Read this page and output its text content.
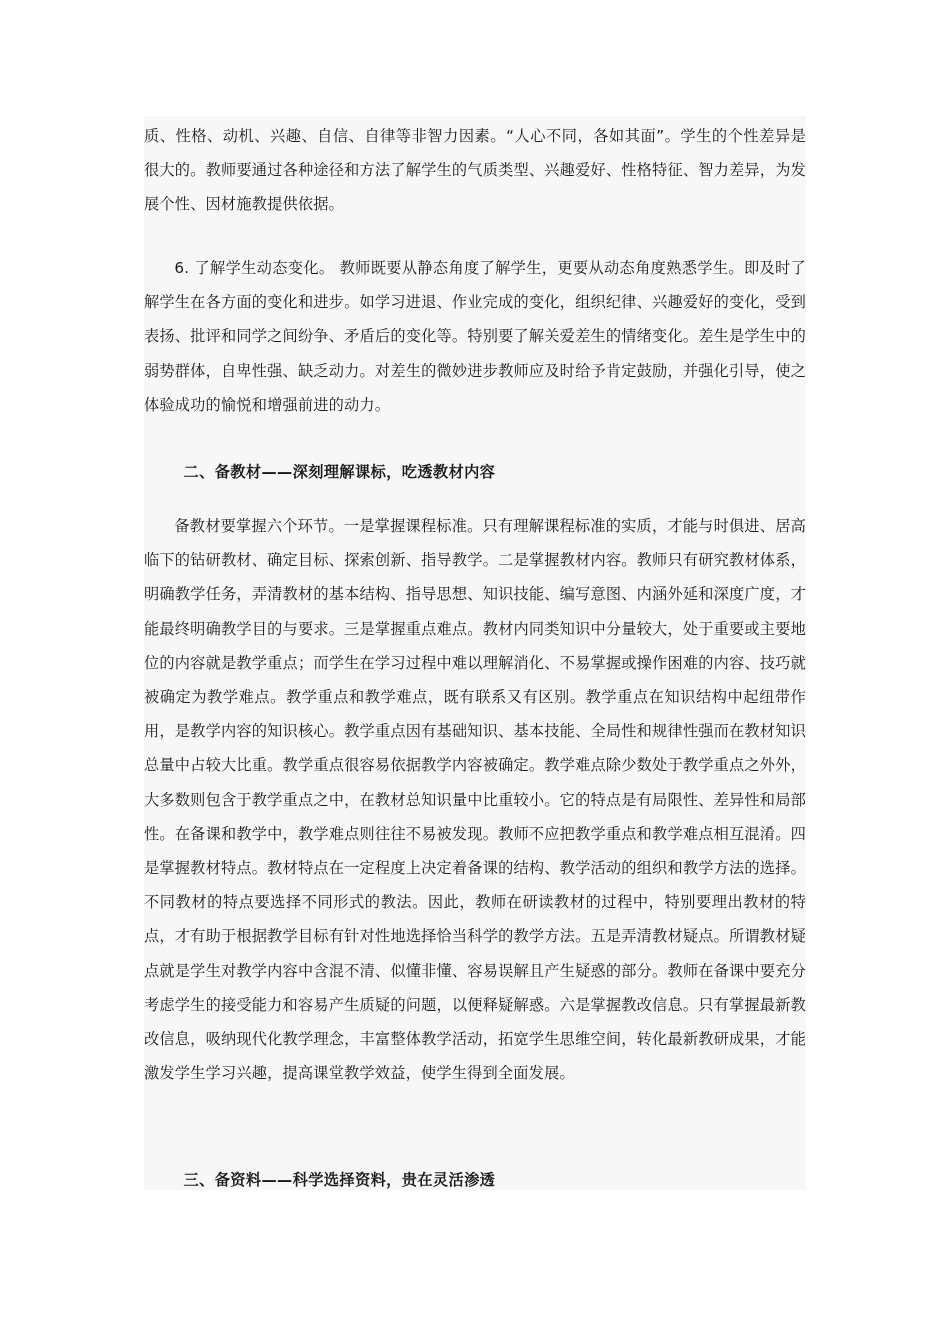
质、性格、动机、兴趣、自信、自律等非智力因素。“人心不同，各如其面”。学生的个性差异是很大的。教师要通过各种途径和方法了解学生的气质类型、兴趣爱好、性格特征、智力差异，为发展个性、因材施教提供依据。

6. 了解学生动态变化。 教师既要从静态角度了解学生，更要从动态角度熟悉学生。即及时了解学生在各方面的变化和进步。如学习进退、作业完成的变化，组织纪律、兴趣爱好的变化，受到表扬、批评和同学之间纷争、矛盾后的变化等。特别要了解关爱差生的情绪变化。差生是学生中的弱势群体，自卑性强、缺乏动力。对差生的微妙进步教师应及时给予肯定鼓励，并强化引导，使之体验成功的愉悦和增强前进的动力。

二、备教材——深刻理解课标，吃透教材内容

备教材要掌握六个环节。一是掌握课程标准。只有理解课程标准的实质，才能与时俱进、居高临下的钻研教材、确定目标、探索创新、指导教学。二是掌握教材内容。教师只有研究教材体系，明确教学任务，弄清教材的基本结构、指导思想、知识技能、编写意图、内涵外延和深度广度，才能最终明确教学目的与要求。三是掌握重点难点。教材内同类知识中分量较大，处于重要或主要地位的内容就是教学重点；而学生在学习过程中难以理解消化、不易掌握或操作困难的内容、技巧就被确定为教学难点。教学重点和教学难点，既有联系又有区别。教学重点在知识结构中起纽带作用，是教学内容的知识核心。教学重点因有基础知识、基本技能、全局性和规律性强而在教材知识总量中占较大比重。教学重点很容易依据教学内容被确定。教学难点除少数处于教学重点之外外，大多数则包含于教学重点之中，在教材总知识量中比重较小。它的特点是有局限性、差异性和局部性。在备课和教学中，教学难点则往往不易被发现。教师不应把教学重点和教学难点相互混淆。四是掌握教材特点。教材特点在一定程度上决定着备课的结构、教学活动的组织和教学方法的选择。不同教材的特点要选择不同形式的教法。因此，教师在研读教材的过程中，特别要理出教材的特点，才有助于根据教学目标有针对性地选择恰当科学的教学方法。五是弄清教材疑点。所谓教材疑点就是学生对教学内容中含混不清、似懂非懂、容易误解且产生疑惑的部分。教师在备课中要充分考虑学生的接受能力和容易产生质疑的问题，以便释疑解惑。六是掌握教改信息。只有掌握最新教改信息，吸纳现代化教学理念，丰富整体教学活动，拓宽学生思维空间，转化最新教研成果，才能激发学生学习兴趣，提高课堂教学效益，使学生得到全面发展。

三、备资料——科学选择资料，贵在灵活渗透
